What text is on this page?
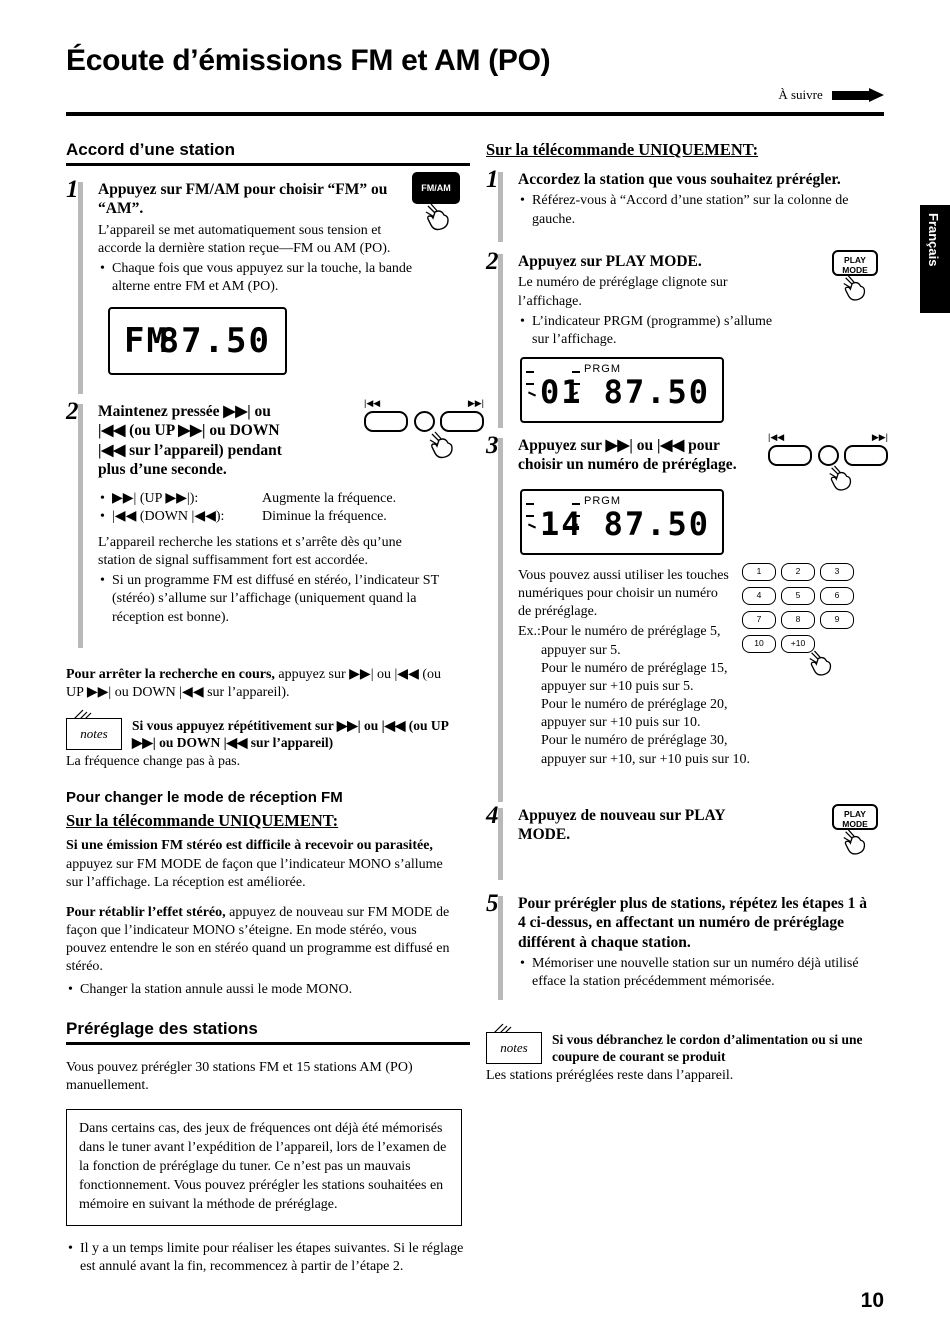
Écoute d’émissions FM et AM (PO)
À suivre
Français
Accord d’une station
1 Appuyez sur FM/AM pour choisir “FM” ou “AM”.
L’appareil se met automatiquement sous tension et accorde la dernière station reçue—FM ou AM (PO).
• Chaque fois que vous appuyez sur la touche, la bande alterne entre FM et AM (PO).
FM/AM
FM
87.50
2 Maintenez pressée ▶▶| ou
|◀◀ (ou UP ▶▶| ou DOWN
|◀◀ sur l’appareil) pendant
plus d’une seconde.
• ▶▶| (UP ▶▶|):	Augmente la fréquence.
• |◀◀ (DOWN |◀◀):	Diminue la fréquence.
L’appareil recherche les stations et s’arrête dès qu’une station de signal suffisamment fort est accordée.
• Si un programme FM est diffusé en stéréo, l’indicateur ST (stéréo) s’allume sur l’affichage (uniquement quand la réception est bonne).
|◀◀	▶▶|
Pour arrêter la recherche en cours, appuyez sur ▶▶| ou |◀◀ (ou UP ▶▶| ou DOWN |◀◀ sur l’appareil).
notes
Si vous appuyez répétitivement sur ▶▶| ou |◀◀ (ou UP ▶▶| ou DOWN |◀◀ sur l’appareil)
La fréquence change pas à pas.
Pour changer le mode de réception FM
Sur la télécommande UNIQUEMENT:
Si une émission FM stéréo est difficile à recevoir ou parasitée, appuyez sur FM MODE de façon que l’indicateur MONO s’allume sur l’affichage. La réception est améliorée.
Pour rétablir l’effet stéréo, appuyez de nouveau sur FM MODE de façon que l’indicateur MONO s’éteigne. En mode stéréo, vous pouvez entendre le son en stéréo quand un programme est diffusé en stéréo.
• Changer la station annule aussi le mode MONO.
Préréglage des stations
Vous pouvez prérégler 30 stations FM et 15 stations AM (PO) manuellement.
Dans certains cas, des jeux de fréquences ont déjà été mémorisés dans le tuner avant l’expédition de l’appareil, lors de l’examen de la fonction de préréglage du tuner. Ce n’est pas un mauvais fonctionnement. Vous pouvez prérégler les stations souhaitées en mémoire en suivant la méthode de préréglage.
• Il y a un temps limite pour réaliser les étapes suivantes. Si le réglage est annulé avant la fin, recommencez à partir de l’étape 2.
Sur la télécommande UNIQUEMENT:
1 Accordez la station que vous souhaitez prérégler.
• Référez-vous à “Accord d’une station” sur la colonne de gauche.
2 Appuyez sur PLAY MODE.
Le numéro de préréglage clignote sur l’affichage.
• L’indicateur PRGM (programme) s’allume sur l’affichage.
PLAY
MODE
01
PRGM
87.50
3 Appuyez sur ▶▶| ou |◀◀ pour choisir un numéro de préréglage.
|◀◀	▶▶|
14
PRGM
87.50
Vous pouvez aussi utiliser les touches numériques pour choisir un numéro de préréglage.
Ex.: Pour le numéro de préréglage 5, appuyer sur 5.
Pour le numéro de préréglage 15, appuyer sur +10 puis sur 5.
Pour le numéro de préréglage 20, appuyer sur +10 puis sur 10.
Pour le numéro de préréglage 30, appuyer sur +10, sur +10 puis sur 10.
1	2	3
4	5	6
7	8	9
10	+10
4 Appuyez de nouveau sur PLAY MODE.
PLAY
MODE
5 Pour prérégler plus de stations, répétez les étapes 1 à 4 ci-dessus, en affectant un numéro de préréglage différent à chaque station.
• Mémoriser une nouvelle station sur un numéro déjà utilisé efface la station précédemment mémorisée.
notes
Si vous débranchez le cordon d’alimentation ou si une coupure de courant se produit
Les stations préréglées reste dans l’appareil.
10
